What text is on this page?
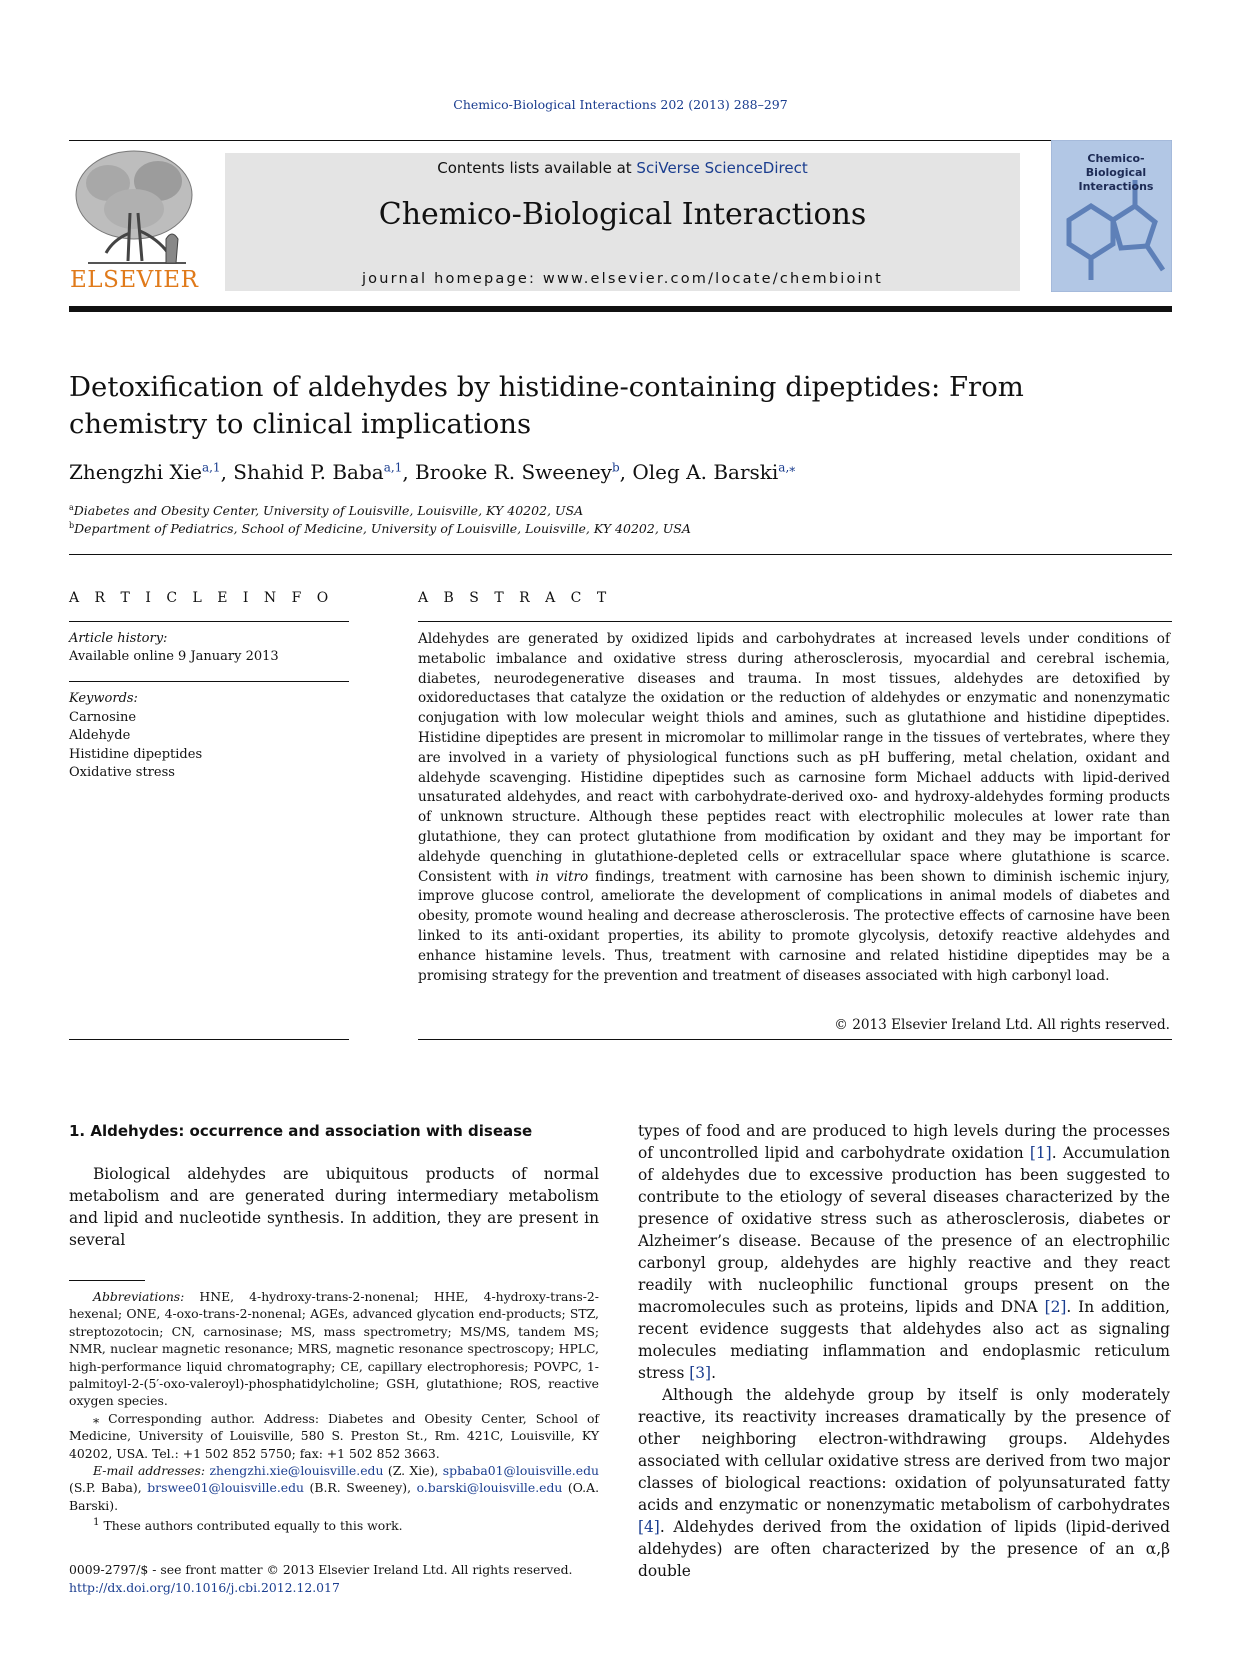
Chemico-Biological Interactions 202 (2013) 288–297
ELSEVIER
Contents lists available at SciVerse ScienceDirect
Chemico-Biological Interactions
journal homepage: www.elsevier.com/locate/chembioint
Chemico-Biological
Interactions
Detoxification of aldehydes by histidine-containing dipeptides: From chemistry to clinical implications
Zhengzhi Xie$^{a,1}$, Shahid P. Baba$^{a,1}$, Brooke R. Sweeney$^b$, Oleg A. Barski$^{a,⁎}$
$^a$Diabetes and Obesity Center, University of Louisville, Louisville, KY 40202, USA
$^b$Department of Pediatrics, School of Medicine, University of Louisville, Louisville, KY 40202, USA
A R T I C L E I N F O
Article history:
Available online 9 January 2013
Keywords:
Carnosine
Aldehyde
Histidine dipeptides
Oxidative stress
A B S T R A C T
Aldehydes are generated by oxidized lipids and carbohydrates at increased levels under conditions of metabolic imbalance and oxidative stress during atherosclerosis, myocardial and cerebral ischemia, diabetes, neurodegenerative diseases and trauma. In most tissues, aldehydes are detoxified by oxidoreductases that catalyze the oxidation or the reduction of aldehydes or enzymatic and nonenzymatic conjugation with low molecular weight thiols and amines, such as glutathione and histidine dipeptides. Histidine dipeptides are present in micromolar to millimolar range in the tissues of vertebrates, where they are involved in a variety of physiological functions such as pH buffering, metal chelation, oxidant and aldehyde scavenging. Histidine dipeptides such as carnosine form Michael adducts with lipid-derived unsaturated aldehydes, and react with carbohydrate-derived oxo- and hydroxy-aldehydes forming products of unknown structure. Although these peptides react with electrophilic molecules at lower rate than glutathione, they can protect glutathione from modification by oxidant and they may be important for aldehyde quenching in glutathione-depleted cells or extracellular space where glutathione is scarce. Consistent with in vitro findings, treatment with carnosine has been shown to diminish ischemic injury, improve glucose control, ameliorate the development of complications in animal models of diabetes and obesity, promote wound healing and decrease atherosclerosis. The protective effects of carnosine have been linked to its anti-oxidant properties, its ability to promote glycolysis, detoxify reactive aldehydes and enhance histamine levels. Thus, treatment with carnosine and related histidine dipeptides may be a promising strategy for the prevention and treatment of diseases associated with high carbonyl load.
© 2013 Elsevier Ireland Ltd. All rights reserved.
1. Aldehydes: occurrence and association with disease

Biological aldehydes are ubiquitous products of normal metabolism and are generated during intermediary metabolism and lipid and nucleotide synthesis. In addition, they are present in several

types of food and are produced to high levels during the processes of uncontrolled lipid and carbohydrate oxidation [1]. Accumulation of aldehydes due to excessive production has been suggested to contribute to the etiology of several diseases characterized by the presence of oxidative stress such as atherosclerosis, diabetes or Alzheimer’s disease. Because of the presence of an electrophilic carbonyl group, aldehydes are highly reactive and they react readily with nucleophilic functional groups present on the macromolecules such as proteins, lipids and DNA [2]. In addition, recent evidence suggests that aldehydes also act as signaling molecules mediating inflammation and endoplasmic reticulum stress [3].

Although the aldehyde group by itself is only moderately reactive, its reactivity increases dramatically by the presence of other neighboring electron-withdrawing groups. Aldehydes associated with cellular oxidative stress are derived from two major classes of biological reactions: oxidation of polyunsaturated fatty acids and enzymatic or nonenzymatic metabolism of carbohydrates [4]. Aldehydes derived from the oxidation of lipids (lipid-derived aldehydes) are often characterized by the presence of an α,β double

Abbreviations: HNE, 4-hydroxy-trans-2-nonenal; HHE, 4-hydroxy-trans-2-hexenal; ONE, 4-oxo-trans-2-nonenal; AGEs, advanced glycation end-products; STZ, streptozotocin; CN, carnosinase; MS, mass spectrometry; MS/MS, tandem MS; NMR, nuclear magnetic resonance; MRS, magnetic resonance spectroscopy; HPLC, high-performance liquid chromatography; CE, capillary electrophoresis; POVPC, 1-palmitoyl-2-(5′-oxo-valeroyl)-phosphatidylcholine; GSH, glutathione; ROS, reactive oxygen species.

⁎ Corresponding author. Address: Diabetes and Obesity Center, School of Medicine, University of Louisville, 580 S. Preston St., Rm. 421C, Louisville, KY 40202, USA. Tel.: +1 502 852 5750; fax: +1 502 852 3663.

E-mail addresses: zhengzhi.xie@louisville.edu (Z. Xie), spbaba01@louisville.edu (S.P. Baba), brswee01@louisville.edu (B.R. Sweeney), o.barski@louisville.edu (O.A. Barski).

$^1$ These authors contributed equally to this work.

0009-2797/$ - see front matter © 2013 Elsevier Ireland Ltd. All rights reserved.
http://dx.doi.org/10.1016/j.cbi.2012.12.017
